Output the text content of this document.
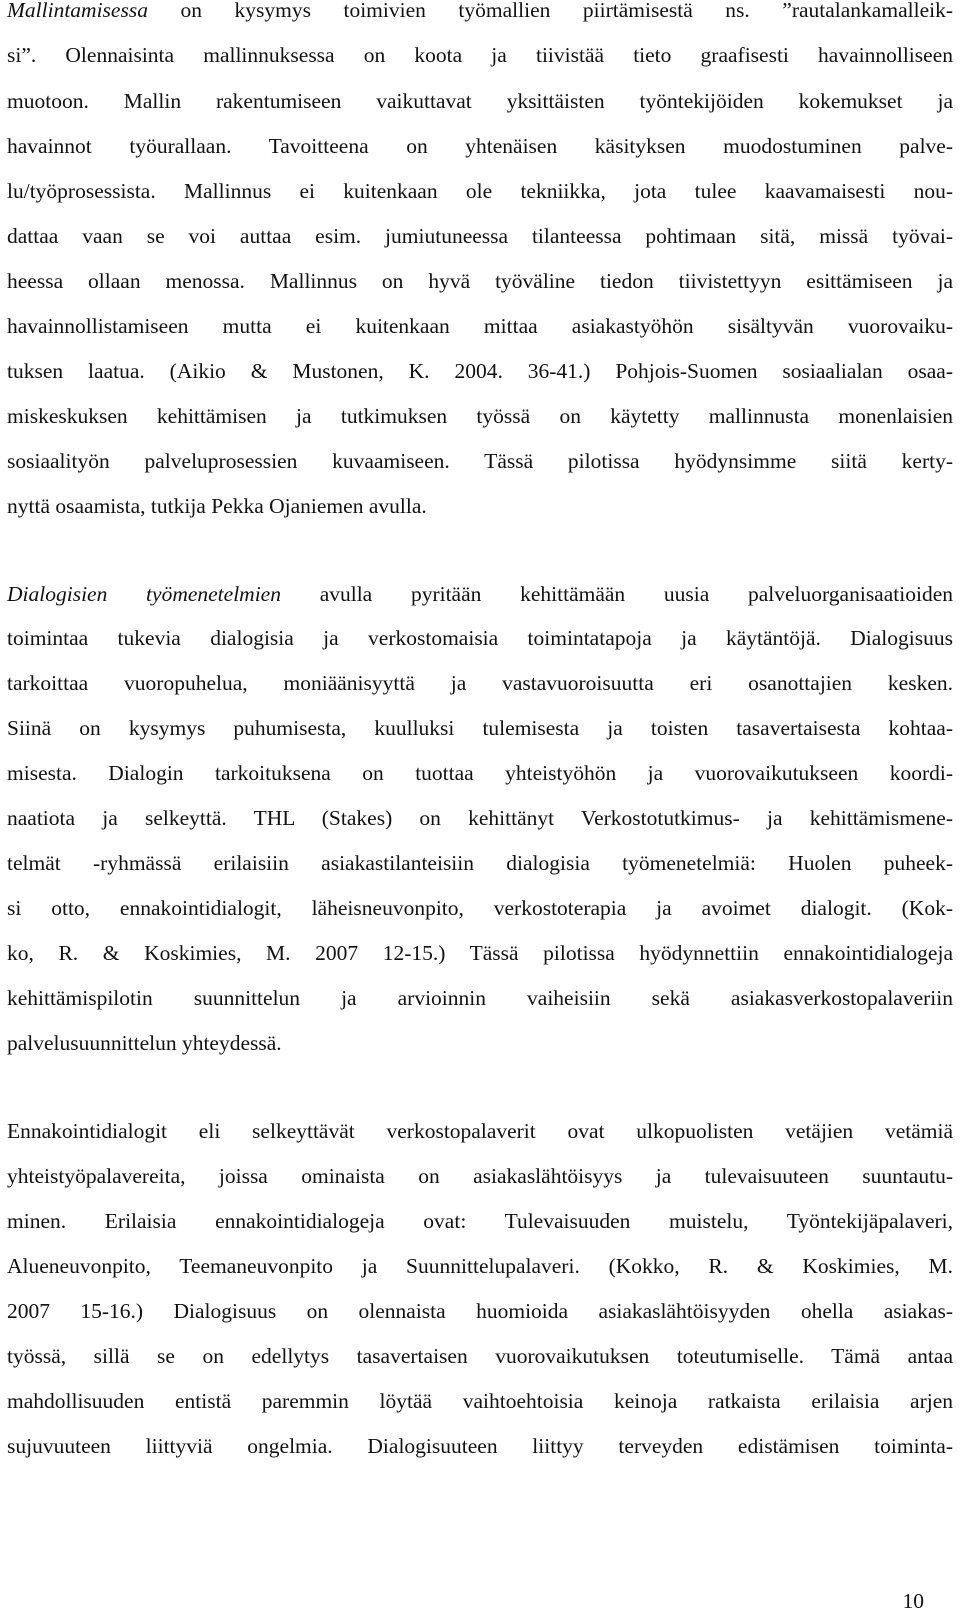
Mallintamisessa on kysymys toimivien työmallien piirtämisestä ns. ”rautalankamalleik-
si”. Olennaisinta mallinnuksessa on koota ja tiivistää tieto graafisesti havainnolliseen
muotoon. Mallin rakentumiseen vaikuttavat yksittäisten työntekijöiden kokemukset ja
havainnot työurallaan. Tavoitteena on yhtenäisen käsityksen muodostuminen palve-
lu/työprosessista. Mallinnus ei kuitenkaan ole tekniikka, jota tulee kaavamaisesti nou-
dattaa vaan se voi auttaa esim. jumiutuneessa tilanteessa pohtimaan sitä, missä työvai-
heessa ollaan menossa. Mallinnus on hyvä työväline tiedon tiivistettyyn esittämiseen ja
havainnollistamiseen mutta ei kuitenkaan mittaa asiakastyöhön sisältyvän vuorovaiku-
tuksen laatua. (Aikio & Mustonen, K. 2004. 36-41.) Pohjois-Suomen sosiaalialan osaa-
miskeskuksen kehittämisen ja tutkimuksen työssä on käytetty mallinnusta monenlaisien
sosiaalityön palveluprosessien kuvaamiseen. Tässä pilotissa hyödynsimme siitä kerty-
nyttä osaamista, tutkija Pekka Ojaniemen avulla.
Dialogisien työmenetelmien avulla pyritään kehittämään uusia palveluorganisaatioiden
toimintaa tukevia dialogisia ja verkostomaisia toimintatapoja ja käytäntöjä. Dialogisuus
tarkoittaa vuoropuhelua, moniäänisyyttä ja vastavuoroisuutta eri osanottajien kesken.
Siinä on kysymys puhumisesta, kuulluksi tulemisesta ja toisten tasavertaisesta kohtaa-
misesta. Dialogin tarkoituksena on tuottaa yhteistyöhön ja vuorovaikutukseen koordi-
naatiota ja selkeyttä. THL (Stakes) on kehittänyt Verkostotutkimus- ja kehittämismene-
telmät -ryhmässä erilaisiin asiakastilanteisiin dialogisia työmenetelmiä: Huolen puheek-
si otto, ennakointidialogit, läheisneuvonpito, verkostoterapia ja avoimet dialogit. (Kok-
ko, R. & Koskimies, M. 2007 12-15.) Tässä pilotissa hyödynnettiin ennakointidialogeja
kehittämispilotin suunnittelun ja arvioinnin vaiheisiin sekä asiakasverkostopalaveriin
palvelusuunnittelun yhteydessä.
Ennakointidialogit eli selkeyttävät verkostopalaverit ovat ulkopuolisten vetäjien vetämiä
yhteistyöpalavereita, joissa ominaista on asiakaslähtöisyys ja tulevaisuuteen suuntautu-
minen. Erilaisia ennakointidialogeja ovat: Tulevaisuuden muistelu, Työntekijäpalaveri,
Alueneuvonpito, Teemaneuvonpito ja Suunnittelupalaveri. (Kokko, R. & Koskimies, M.
2007 15-16.) Dialogisuus on olennaista huomioida asiakaslähtöisyyden ohella asiakas-
työssä, sillä se on edellytys tasavertaisen vuorovaikutuksen toteutumiselle. Tämä antaa
mahdollisuuden entistä paremmin löytää vaihtoehtoisia keinoja ratkaista erilaisia arjen
sujuvuuteen liittyviä ongelmia. Dialogisuuteen liittyy terveyden edistämisen toiminta-
10
